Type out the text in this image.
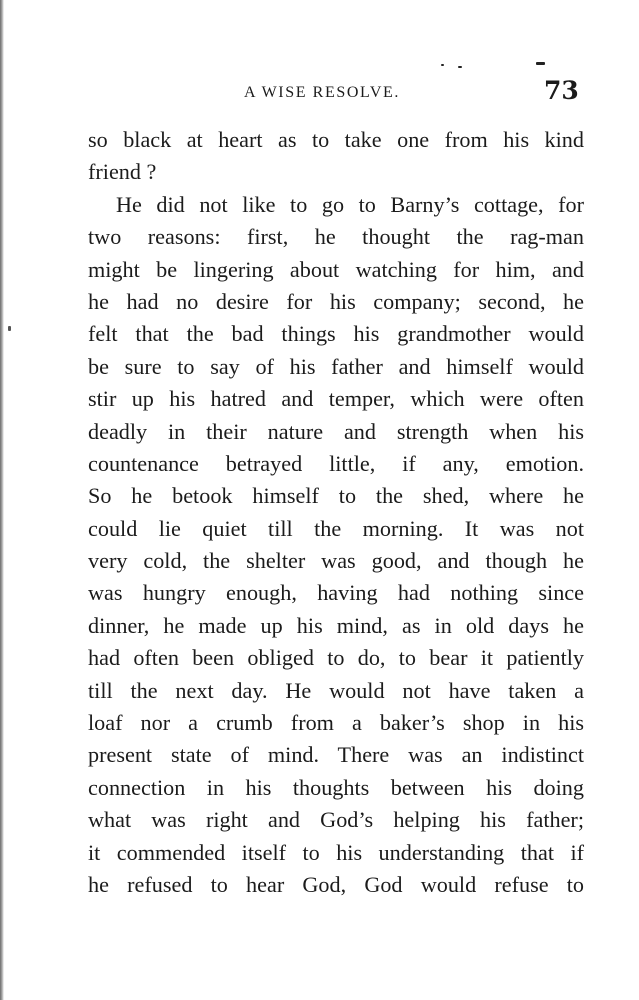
A WISE RESOLVE.	73
so black at heart as to take one from his kind
friend ?
He did not like to go to Barny’s cottage, for
two reasons: first, he thought the rag-man
might be lingering about watching for him, and
he had no desire for his company; second, he
felt that the bad things his grandmother would
be sure to say of his father and himself would
stir up his hatred and temper, which were often
deadly in their nature and strength when his
countenance betrayed little, if any, emotion.
So he betook himself to the shed, where he
could lie quiet till the morning. It was not
very cold, the shelter was good, and though he
was hungry enough, having had nothing since
dinner, he made up his mind, as in old days he
had often been obliged to do, to bear it patiently
till the next day. He would not have taken a
loaf nor a crumb from a baker’s shop in his
present state of mind. There was an indistinct
connection in his thoughts between his doing
what was right and God’s helping his father;
it commended itself to his understanding that if
he refused to hear God, God would refuse to
